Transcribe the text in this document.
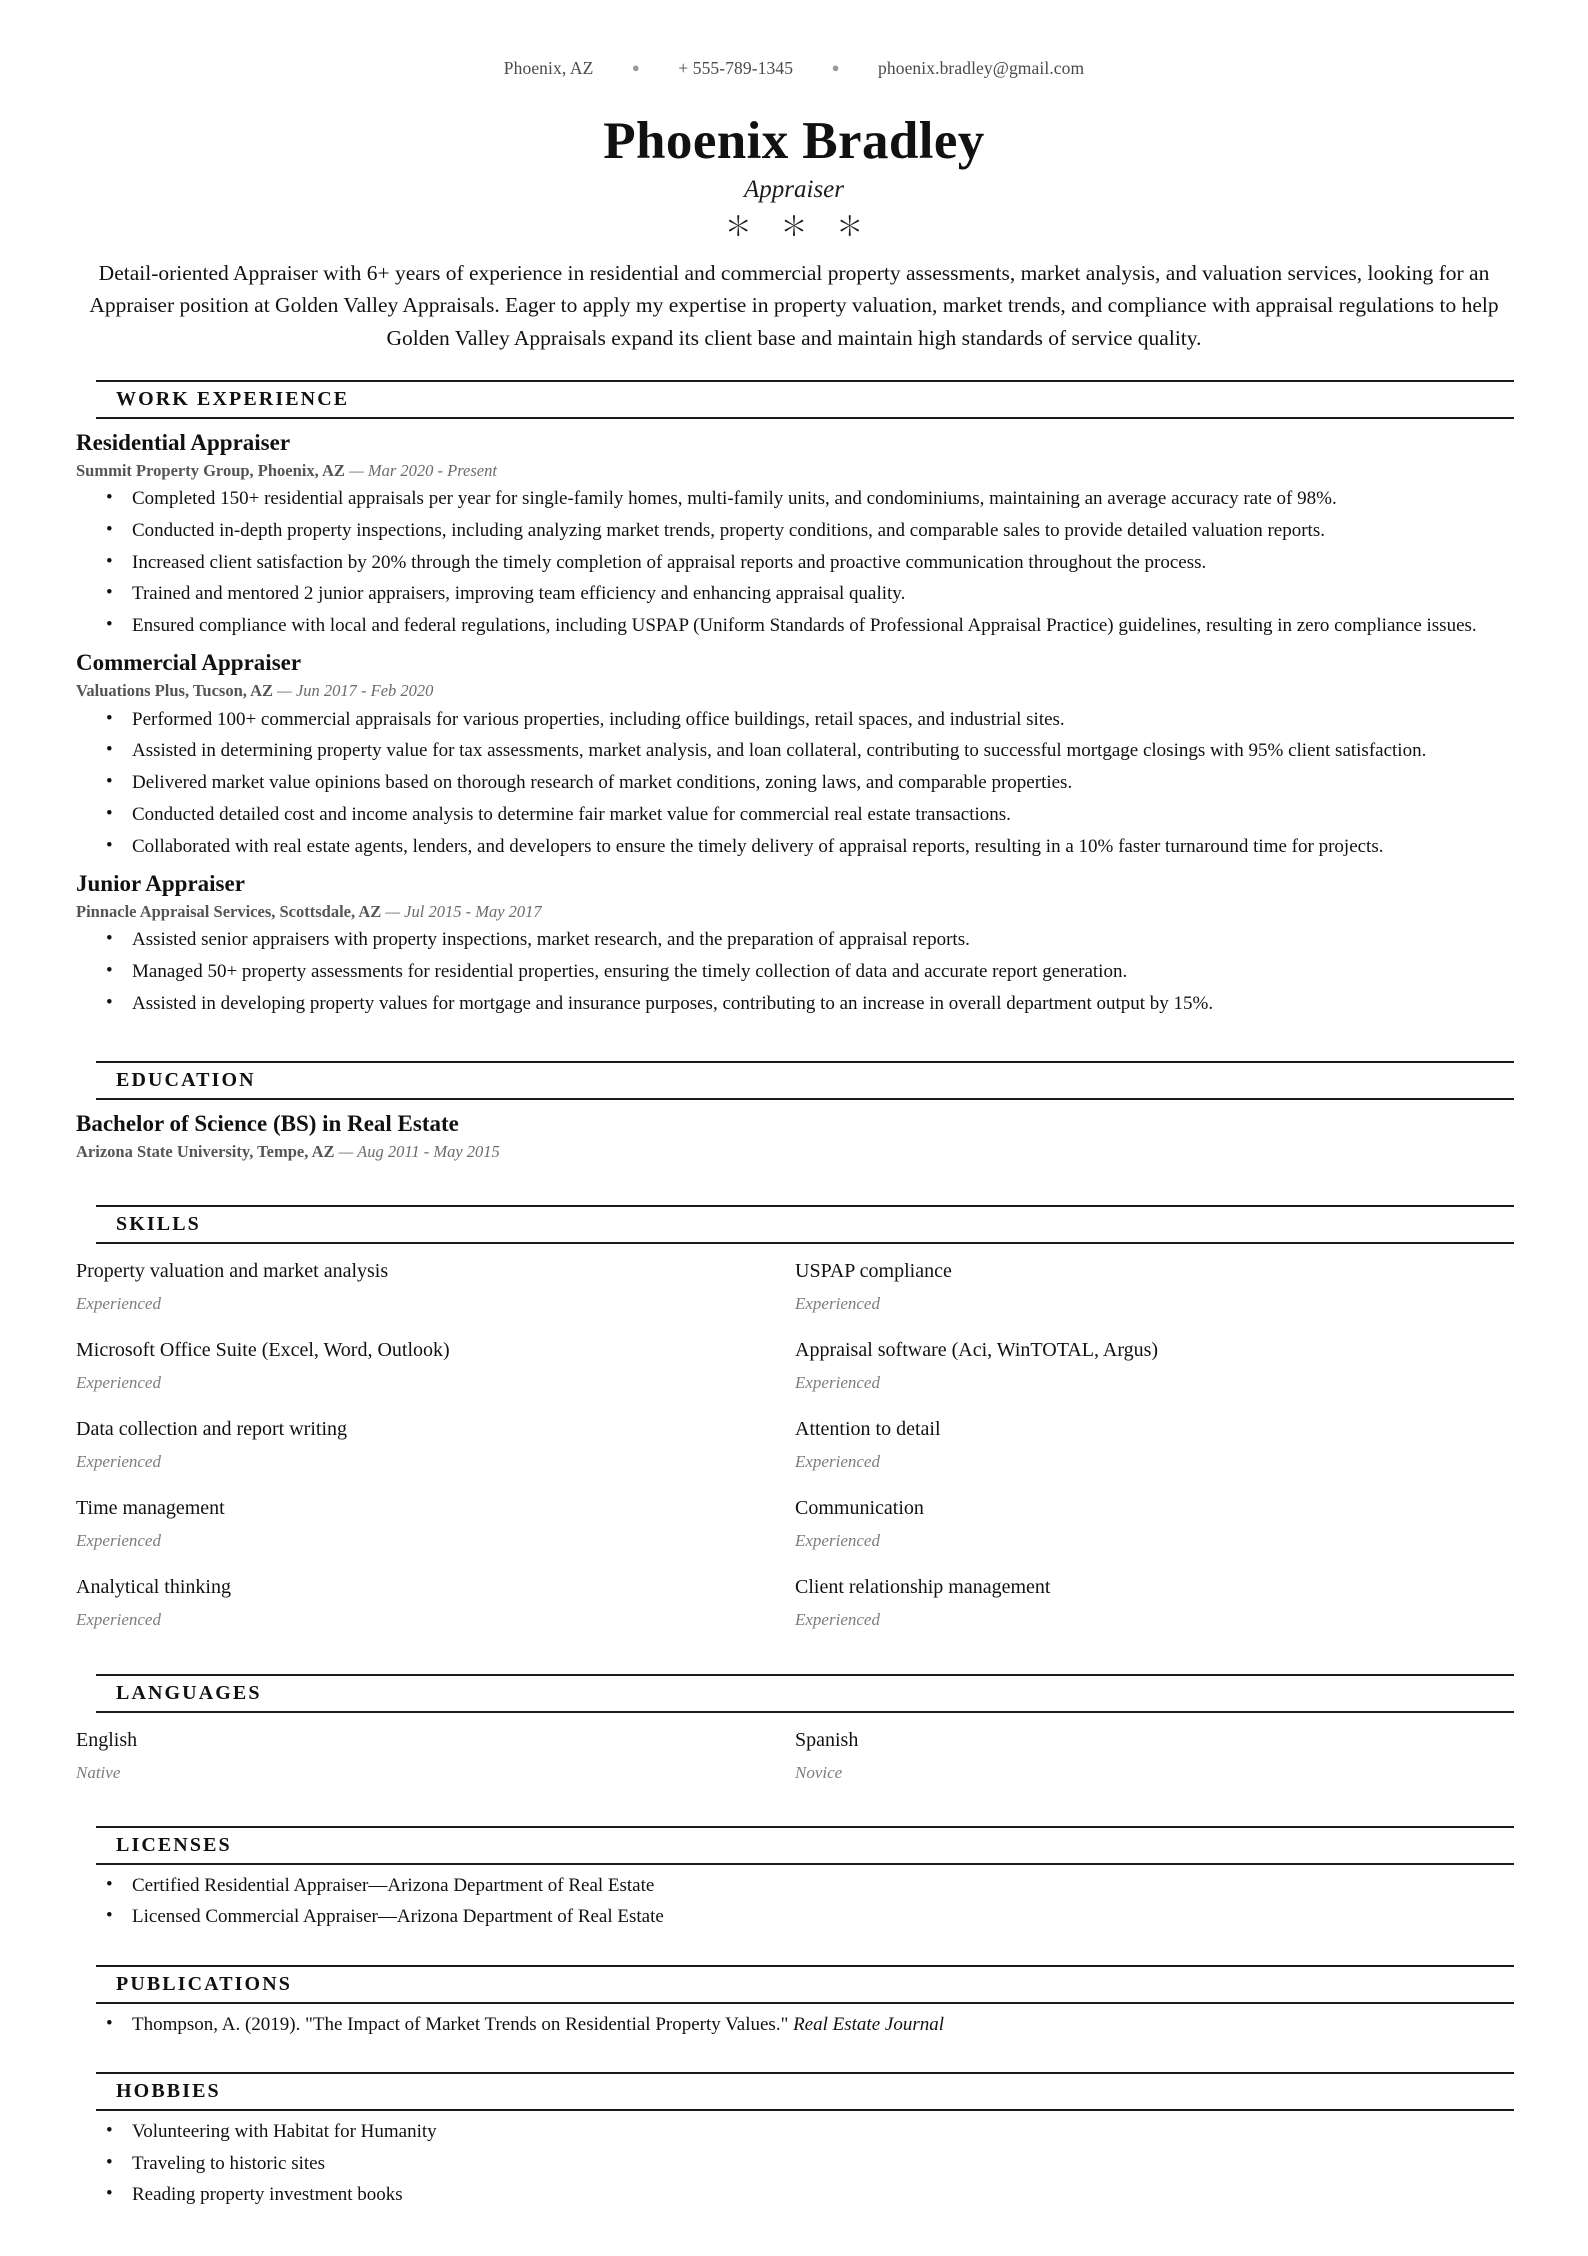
Phoenix, AZ	● + 555-789-1345	● phoenix.bradley@gmail.com
Phoenix Bradley
Appraiser
＊ ＊ ＊

Detail-oriented Appraiser with 6+ years of experience in residential and commercial property assessments, market analysis, and valuation services, looking for an Appraiser position at Golden Valley Appraisals. Eager to apply my expertise in property valuation, market trends, and compliance with appraisal regulations to help Golden Valley Appraisals expand its client base and maintain high standards of service quality.

WORK EXPERIENCE
Residential Appraiser
Summit Property Group, Phoenix, AZ — Mar 2020 - Present
• Completed 150+ residential appraisals per year for single-family homes, multi-family units, and condominiums, maintaining an average accuracy rate of 98%.
• Conducted in-depth property inspections, including analyzing market trends, property conditions, and comparable sales to provide detailed valuation reports.
• Increased client satisfaction by 20% through the timely completion of appraisal reports and proactive communication throughout the process.
• Trained and mentored 2 junior appraisers, improving team efficiency and enhancing appraisal quality.
• Ensured compliance with local and federal regulations, including USPAP (Uniform Standards of Professional Appraisal Practice) guidelines, resulting in zero compliance issues.
Commercial Appraiser
Valuations Plus, Tucson, AZ — Jun 2017 - Feb 2020
• Performed 100+ commercial appraisals for various properties, including office buildings, retail spaces, and industrial sites.
• Assisted in determining property value for tax assessments, market analysis, and loan collateral, contributing to successful mortgage closings with 95% client satisfaction.
• Delivered market value opinions based on thorough research of market conditions, zoning laws, and comparable properties.
• Conducted detailed cost and income analysis to determine fair market value for commercial real estate transactions.
• Collaborated with real estate agents, lenders, and developers to ensure the timely delivery of appraisal reports, resulting in a 10% faster turnaround time for projects.
Junior Appraiser
Pinnacle Appraisal Services, Scottsdale, AZ — Jul 2015 - May 2017
• Assisted senior appraisers with property inspections, market research, and the preparation of appraisal reports.
• Managed 50+ property assessments for residential properties, ensuring the timely collection of data and accurate report generation.
• Assisted in developing property values for mortgage and insurance purposes, contributing to an increase in overall department output by 15%.
EDUCATION
Bachelor of Science (BS) in Real Estate
Arizona State University, Tempe, AZ — Aug 2011 - May 2015
SKILLS
Property valuation and market analysis
Experienced
USPAP compliance
Experienced
Microsoft Office Suite (Excel, Word, Outlook)
Experienced
Appraisal software (Aci, WinTOTAL, Argus)
Experienced
Data collection and report writing
Experienced
Attention to detail
Experienced
Time management
Experienced
Communication
Experienced
Analytical thinking
Experienced
Client relationship management
Experienced
LANGUAGES
English
Native
Spanish
Novice
LICENSES
• Certified Residential Appraiser—Arizona Department of Real Estate
• Licensed Commercial Appraiser—Arizona Department of Real Estate
PUBLICATIONS
• Thompson, A. (2019). "The Impact of Market Trends on Residential Property Values." Real Estate Journal
HOBBIES
• Volunteering with Habitat for Humanity
• Traveling to historic sites
• Reading property investment books
